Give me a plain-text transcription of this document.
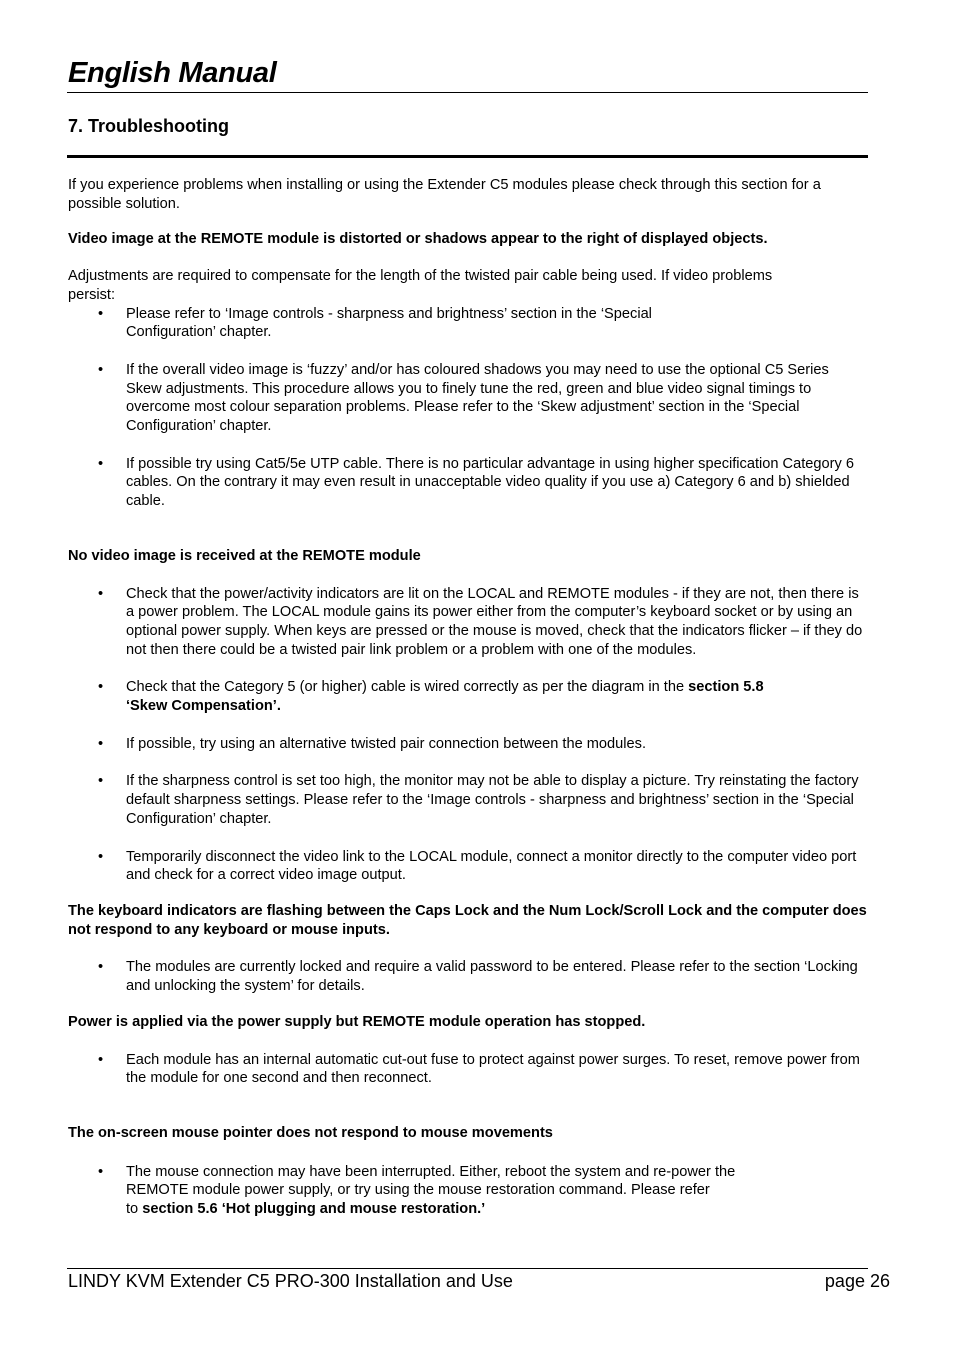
English Manual
7. Troubleshooting

If you experience problems when installing or using the Extender C5 modules please check through this section for a possible solution.

Video image at the REMOTE module is distorted or shadows appear to the right of displayed objects.

Adjustments are required to compensate for the length of the twisted pair cable being used. If video problems
persist:

• Please refer to ‘Image controls - sharpness and brightness’ section in the ‘Special
Configuration’ chapter.
• If the overall video image is ‘fuzzy’ and/or has coloured shadows you may need to use the optional C5 Series Skew adjustments. This procedure allows you to finely tune the red, green and blue video signal timings to overcome most colour separation problems. Please refer to the ‘Skew adjustment’ section in the ‘Special Configuration’ chapter.
• If possible try using Cat5/5e UTP cable. There is no particular advantage in using higher specification Category 6 cables. On the contrary it may even result in unacceptable video quality if you use a) Category 6 and b) shielded cable.

No video image is received at the REMOTE module

• Check that the power/activity indicators are lit on the LOCAL and REMOTE modules - if they are not, then there is a power problem. The LOCAL module gains its power either from the computer’s keyboard socket or by using an optional power supply. When keys are pressed or the mouse is moved, check that the indicators flicker – if they do not then there could be a twisted pair link problem or a problem with one of the modules.
• Check that the Category 5 (or higher) cable is wired correctly as per the diagram in the section 5.8
‘Skew Compensation’.
• If possible, try using an alternative twisted pair connection between the modules.
• If the sharpness control is set too high, the monitor may not be able to display a picture. Try reinstating the factory default sharpness settings. Please refer to the ‘Image controls - sharpness and brightness’ section in the ‘Special Configuration’ chapter.
• Temporarily disconnect the video link to the LOCAL module, connect a monitor directly to the computer video port and check for a correct video image output.

The keyboard indicators are flashing between the Caps Lock and the Num Lock/Scroll Lock and the computer does not respond to any keyboard or mouse inputs.

• The modules are currently locked and require a valid password to be entered. Please refer to the section ‘Locking and unlocking the system’ for details.

Power is applied via the power supply but REMOTE module operation has stopped.

• Each module has an internal automatic cut-out fuse to protect against power surges. To reset, remove power from the module for one second and then reconnect.

The on-screen mouse pointer does not respond to mouse movements

• The mouse connection may have been interrupted. Either, reboot the system and re-power the
REMOTE module power supply, or try using the mouse restoration command. Please refer
to section 5.6 ‘Hot plugging and mouse restoration.’
LINDY KVM Extender C5 PRO-300 Installation and Use	page 26
